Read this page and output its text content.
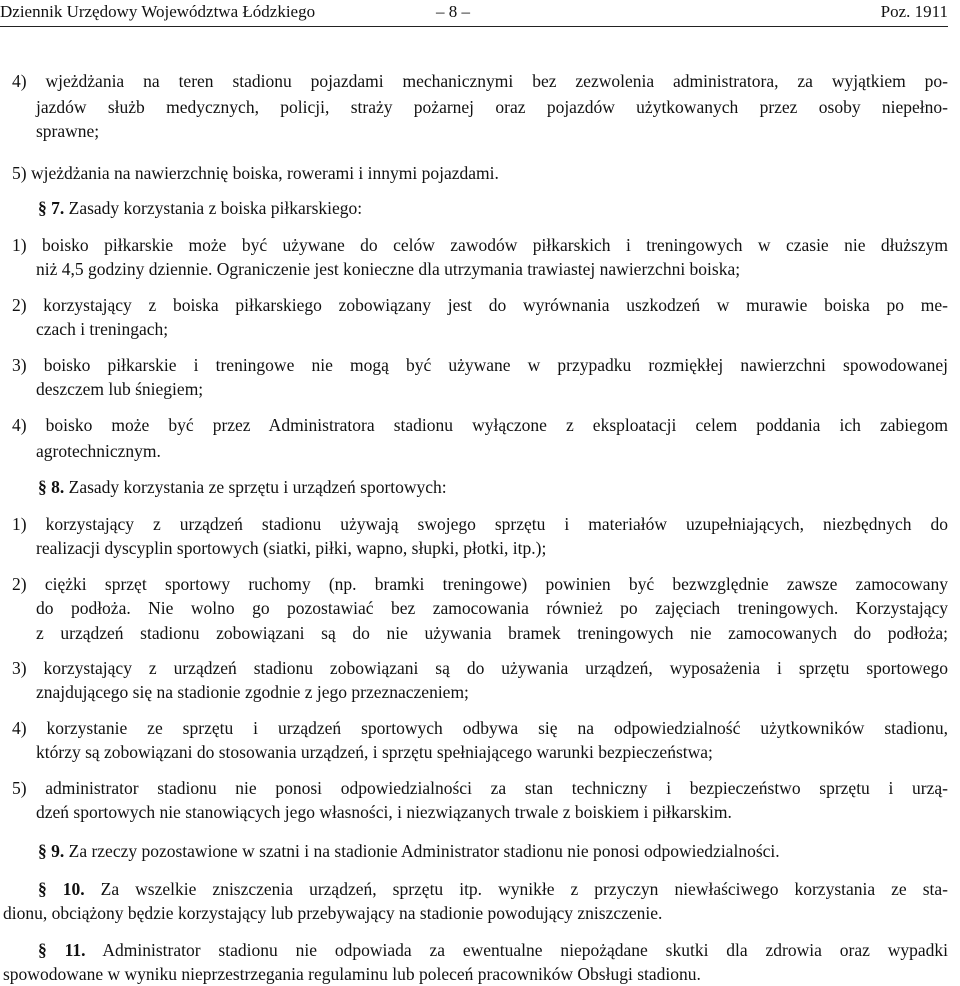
Dziennik Urzędowy Województwa Łódzkiego	– 8 –	Poz. 1911
4) wjeżdżania na teren stadionu pojazdami mechanicznymi bez zezwolenia administratora, za wyjątkiem po-
jazdów służb medycznych, policji, straży pożarnej oraz pojazdów użytkowanych przez osoby niepełno-
sprawne;
5) wjeżdżania na nawierzchnię boiska, rowerami i innymi pojazdami.
§ 7. Zasady korzystania z boiska piłkarskiego:
1) boisko piłkarskie może być używane do celów zawodów piłkarskich i treningowych w czasie nie dłuższym
niż 4,5 godziny dziennie. Ograniczenie jest konieczne dla utrzymania trawiastej nawierzchni boiska;
2) korzystający z boiska piłkarskiego zobowiązany jest do wyrównania uszkodzeń w murawie boiska po me-
czach i treningach;
3) boisko piłkarskie i treningowe nie mogą być używane w przypadku rozmiękłej nawierzchni spowodowanej
deszczem lub śniegiem;
4) boisko może być przez Administratora stadionu wyłączone z eksploatacji celem poddania ich zabiegom
agrotechnicznym.
§ 8. Zasady korzystania ze sprzętu i urządzeń sportowych:
1) korzystający z urządzeń stadionu używają swojego sprzętu i materiałów uzupełniających, niezbędnych do
realizacji dyscyplin sportowych (siatki, piłki, wapno, słupki, płotki, itp.);
2) ciężki sprzęt sportowy ruchomy (np. bramki treningowe) powinien być bezwzględnie zawsze zamocowany
do podłoża. Nie wolno go pozostawiać bez zamocowania również po zajęciach treningowych. Korzystający
z urządzeń stadionu zobowiązani są do nie używania bramek treningowych nie zamocowanych do podłoża;
3) korzystający z urządzeń stadionu zobowiązani są do używania urządzeń, wyposażenia i sprzętu sportowego
znajdującego się na stadionie zgodnie z jego przeznaczeniem;
4) korzystanie ze sprzętu i urządzeń sportowych odbywa się na odpowiedzialność użytkowników stadionu,
którzy są zobowiązani do stosowania urządzeń, i sprzętu spełniającego warunki bezpieczeństwa;
5) administrator stadionu nie ponosi odpowiedzialności za stan techniczny i bezpieczeństwo sprzętu i urzą-
dzeń sportowych nie stanowiących jego własności, i niezwiązanych trwale z boiskiem i piłkarskim.
§ 9. Za rzeczy pozostawione w szatni i na stadionie Administrator stadionu nie ponosi odpowiedzialności.
§ 10. Za wszelkie zniszczenia urządzeń, sprzętu itp. wynikłe z przyczyn niewłaściwego korzystania ze sta-
dionu, obciążony będzie korzystający lub przebywający na stadionie powodujący zniszczenie.
§ 11. Administrator stadionu nie odpowiada za ewentualne niepożądane skutki dla zdrowia oraz wypadki
spowodowane w wyniku nieprzestrzegania regulaminu lub poleceń pracowników Obsługi stadionu.
